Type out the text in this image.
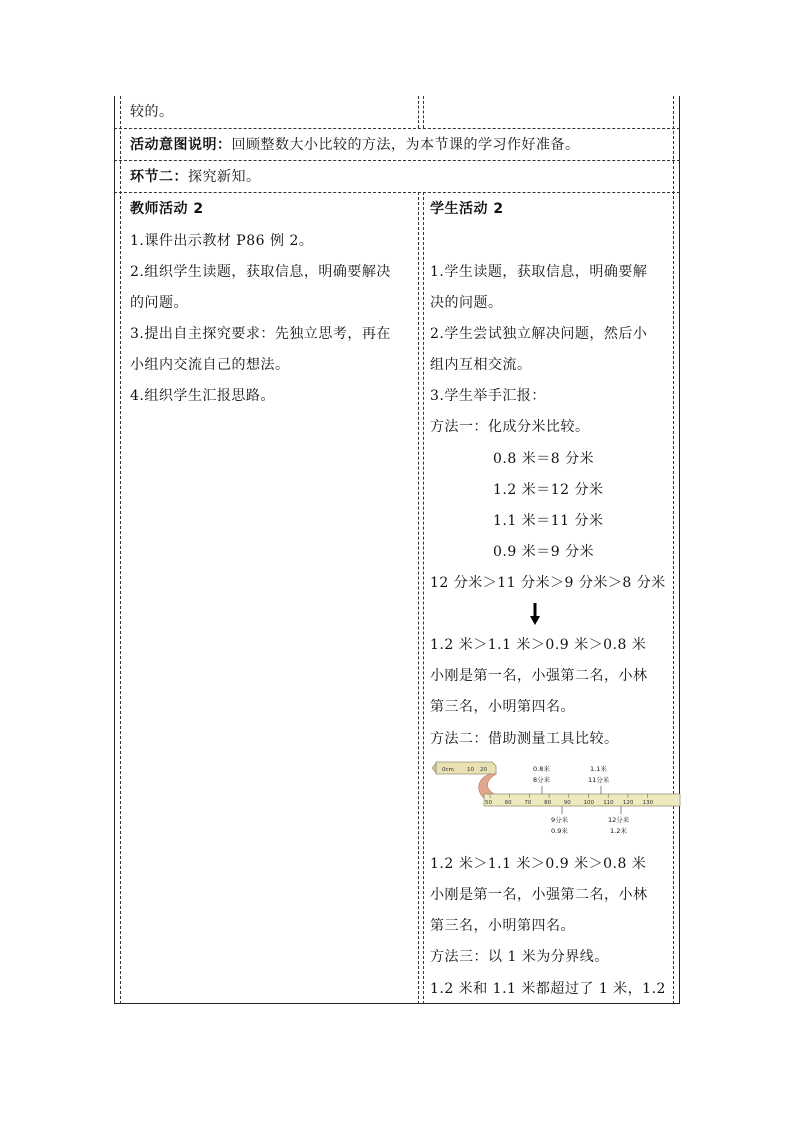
较的。
活动意图说明：回顾整数大小比较的方法，为本节课的学习作好准备。
环节二：探究新知。
教师活动 2
1.课件出示教材 P86 例 2。
2.组织学生读题，获取信息，明确要解决
的问题。
3.提出自主探究要求：先独立思考，再在
小组内交流自己的想法。
4.组织学生汇报思路。
学生活动 2
1.学生读题，获取信息，明确要解
决的问题。
2.学生尝试独立解决问题，然后小
组内互相交流。
3.学生举手汇报：
方法一：化成分米比较。
0.8 米＝8 分米
1.2 米＝12 分米
1.1 米＝11 分米
0.9 米＝9 分米
12 分米＞11 分米＞9 分米＞8 分米
1.2 米＞1.1 米＞0.9 米＞0.8 米
小刚是第一名，小强第二名，小林
第三名，小明第四名。
方法二：借助测量工具比较。
0cm 10 20
50 60 70 80 90 100 110 120 130
0.8米
8分米
1.1米
11分米
9分米
0.9米
12分米
1.2米
1.2 米＞1.1 米＞0.9 米＞0.8 米
小刚是第一名，小强第二名，小林
第三名，小明第四名。
方法三：以 1 米为分界线。
1.2 米和 1.1 米都超过了 1 米，1.2
